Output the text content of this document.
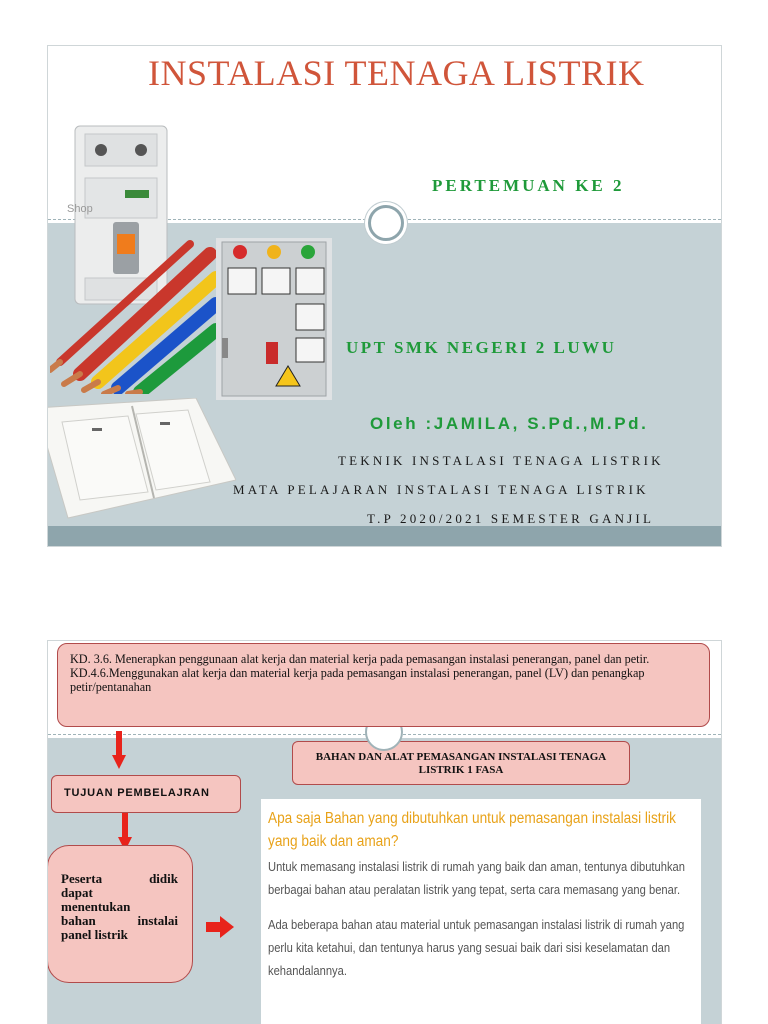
INSTALASI TENAGA LISTRIK
PERTEMUAN KE 2
Shop
UPT SMK NEGERI 2 LUWU
Oleh :JAMILA, S.Pd.,M.Pd.
TEKNIK INSTALASI TENAGA LISTRIK
MATA PELAJARAN INSTALASI TENAGA LISTRIK
T.P 2020/2021 SEMESTER GANJIL

KD. 3.6. Menerapkan penggunaan alat kerja dan material kerja pada pemasangan instalasi penerangan, panel dan petir.

KD.4.6.Menggunakan alat kerja dan material kerja pada pemasangan instalasi penerangan, panel (LV) dan penangkap petir/pentanahan

BAHAN DAN ALAT PEMASANGAN INSTALASI TENAGA LISTRIK 1 FASA
TUJUAN PEMBELAJRAN
Peserta	didik
dapat
menentukan
bahan	instalai
panel listrik

Apa saja Bahan yang dibutuhkan untuk pemasangan instalasi listrik yang baik dan aman?

Untuk memasang instalasi listrik di rumah yang baik dan aman, tentunya dibutuhkan berbagai bahan atau peralatan listrik yang tepat, serta cara memasang yang benar.

Ada beberapa bahan atau material untuk pemasangan instalasi listrik di rumah yang perlu kita ketahui, dan tentunya harus yang sesuai baik dari sisi keselamatan dan kehandalannya.
